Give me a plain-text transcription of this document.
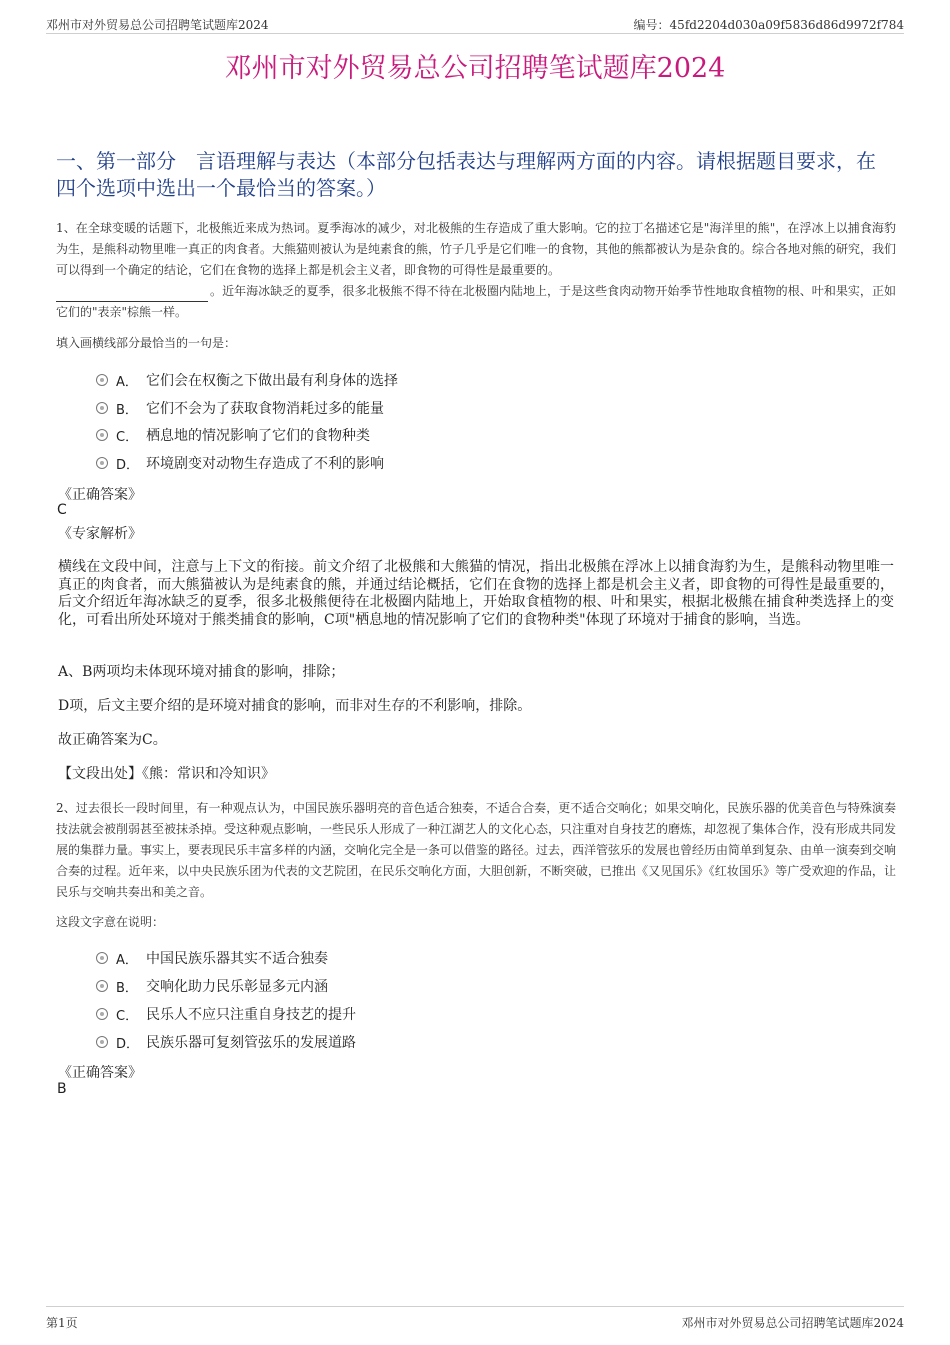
邓州市对外贸易总公司招聘笔试题库2024	编号：45fd2204d030a09f5836d86d9972f784
邓州市对外贸易总公司招聘笔试题库2024
一、第一部分　言语理解与表达（本部分包括表达与理解两方面的内容。请根据题目要求，在四个选项中选出一个最恰当的答案。）
1、在全球变暖的话题下，北极熊近来成为热词。夏季海冰的减少，对北极熊的生存造成了重大影响。它的拉丁名描述它是"海洋里的熊"，在浮冰上以捕食海豹为生，是熊科动物里唯一真正的肉食者。大熊猫则被认为是纯素食的熊，竹子几乎是它们唯一的食物，其他的熊都被认为是杂食的。综合各地对熊的研究，我们可以得到一个确定的结论，它们在食物的选择上都是机会主义者，即食物的可得性是最重要的。
。近年海冰缺乏的夏季，很多北极熊不得不待在北极圈内陆地上，于是这些食肉动物开始季节性地取食植物的根、叶和果实，正如它们的"表亲"棕熊一样。
填入画横线部分最恰当的一句是：
A． 它们会在权衡之下做出最有利身体的选择
B． 它们不会为了获取食物消耗过多的能量
C． 栖息地的情况影响了它们的食物种类
D． 环境剧变对动物生存造成了不利的影响
《正确答案》
C
《专家解析》
横线在文段中间，注意与上下文的衔接。前文介绍了北极熊和大熊猫的情况，指出北极熊在浮冰上以捕食海豹为生，是熊科动物里唯一真正的肉食者，而大熊猫被认为是纯素食的熊，并通过结论概括，它们在食物的选择上都是机会主义者，即食物的可得性是最重要的，后文介绍近年海冰缺乏的夏季，很多北极熊便待在北极圈内陆地上，开始取食植物的根、叶和果实，根据北极熊在捕食种类选择上的变化，可看出所处环境对于熊类捕食的影响，C项"栖息地的情况影响了它们的食物种类"体现了环境对于捕食的影响，当选。
A、B两项均未体现环境对捕食的影响，排除；
D项，后文主要介绍的是环境对捕食的影响，而非对生存的不利影响，排除。
故正确答案为C。
【文段出处】《熊：常识和冷知识》
2、过去很长一段时间里，有一种观点认为，中国民族乐器明亮的音色适合独奏，不适合合奏，更不适合交响化；如果交响化，民族乐器的优美音色与特殊演奏技法就会被削弱甚至被抹杀掉。受这种观点影响，一些民乐人形成了一种江湖艺人的文化心态，只注重对自身技艺的磨炼，却忽视了集体合作，没有形成共同发展的集群力量。事实上，要表现民乐丰富多样的内涵，交响化完全是一条可以借鉴的路径。过去，西洋管弦乐的发展也曾经历由简单到复杂、由单一演奏到交响合奏的过程。近年来，以中央民族乐团为代表的文艺院团，在民乐交响化方面，大胆创新，不断突破，已推出《又见国乐》《红妆国乐》等广受欢迎的作品，让民乐与交响共奏出和美之音。
这段文字意在说明：
A． 中国民族乐器其实不适合独奏
B． 交响化助力民乐彰显多元内涵
C． 民乐人不应只注重自身技艺的提升
D． 民族乐器可复刻管弦乐的发展道路
《正确答案》
B
第1页	邓州市对外贸易总公司招聘笔试题库2024
